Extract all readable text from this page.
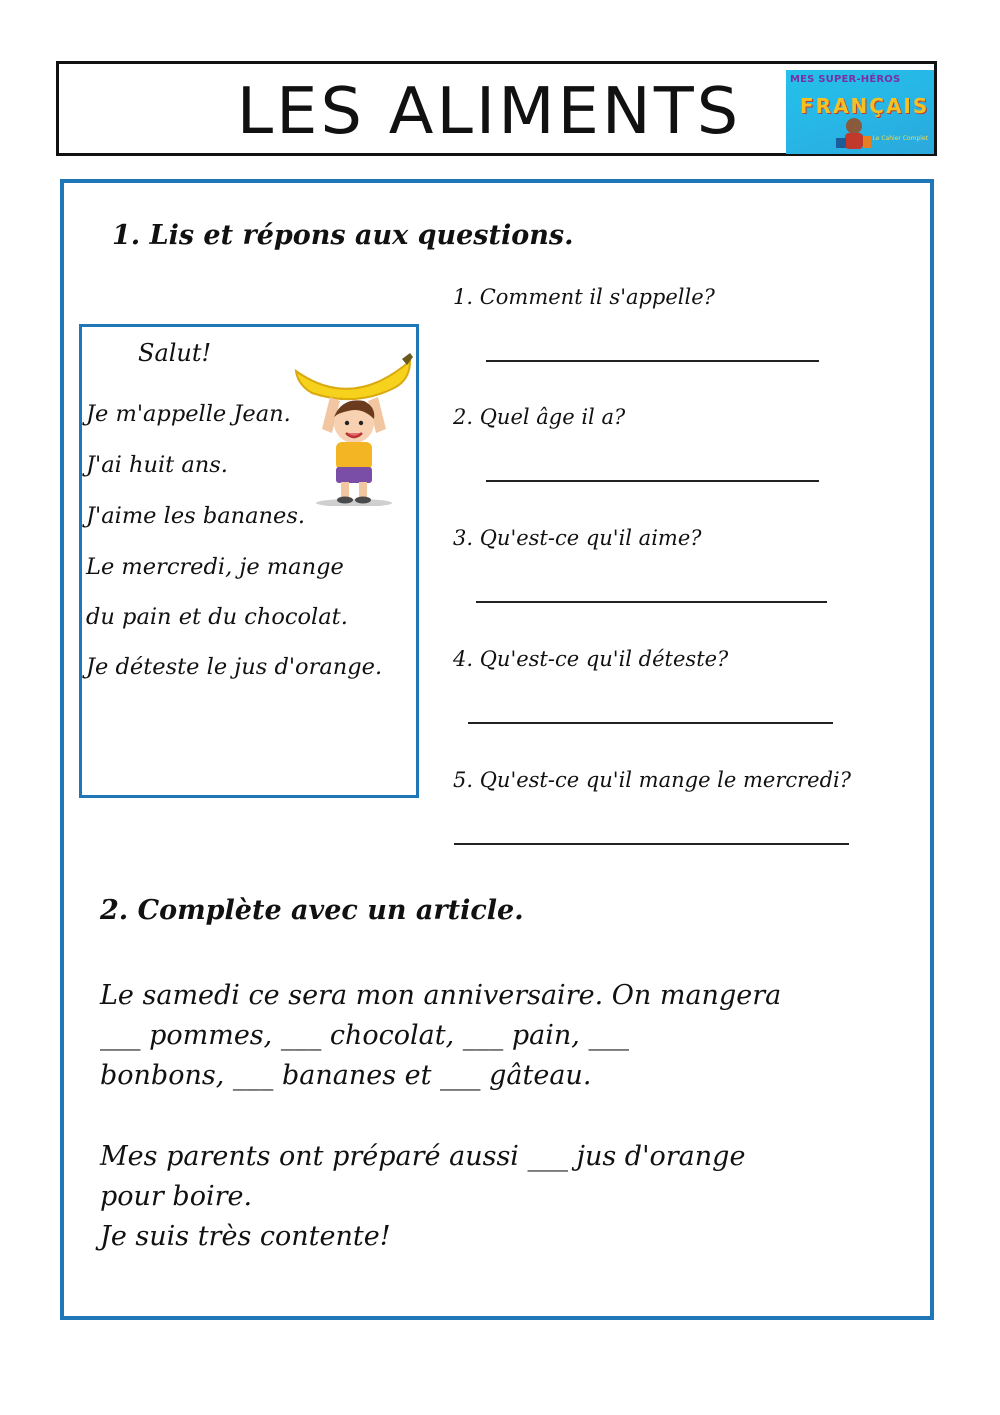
LES ALIMENTS	MES SUPER-HÉROS
FRANÇAIS
Le Cahier Complet
1. Lis et répons aux questions.
Salut!
Je m'appelle Jean.
J'ai huit ans.
J'aime les bananes.
Le mercredi, je mange
du pain et du chocolat.
Je déteste le jus d'orange.
1. Comment il s'appelle?
2. Quel âge il a?
3. Qu'est-ce qu'il aime?
4. Qu'est-ce qu'il déteste?
5. Qu'est-ce qu'il mange le mercredi?
2. Complète avec un article.
Le samedi ce sera mon anniversaire. On mangera
___ pommes, ___ chocolat, ___ pain, ___
bonbons, ___ bananes et ___ gâteau.
Mes parents ont préparé aussi ___ jus d'orange
pour boire.
Je suis très contente!
